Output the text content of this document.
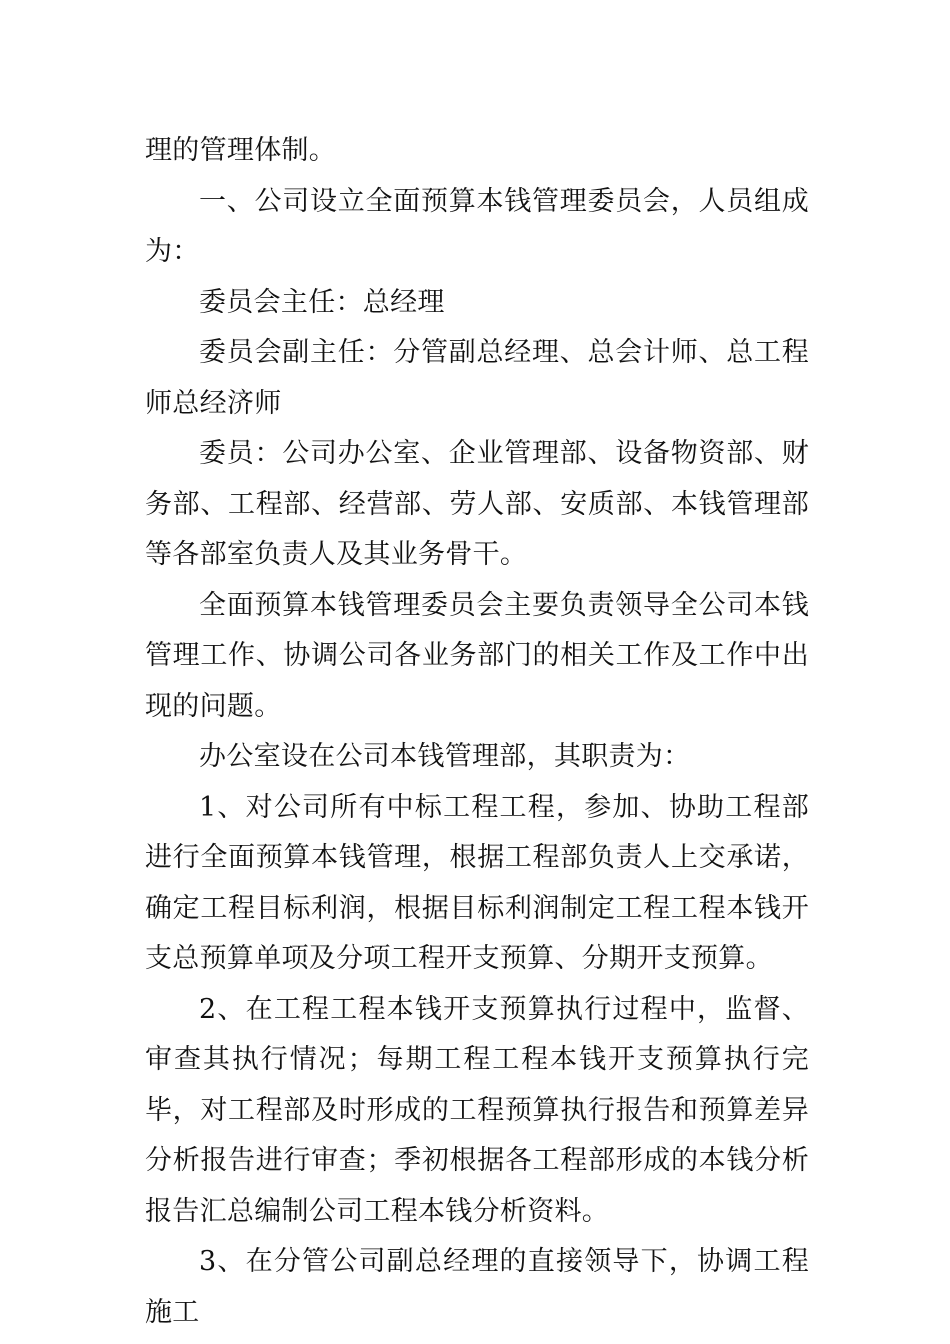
理的管理体制。

一、公司设立全面预算本钱管理委员会，人员组成为：

委员会主任：总经理

委员会副主任：分管副总经理、总会计师、总工程师总经济师

委员：公司办公室、企业管理部、设备物资部、财务部、工程部、经营部、劳人部、安质部、本钱管理部等各部室负责人及其业务骨干。

全面预算本钱管理委员会主要负责领导全公司本钱管理工作、协调公司各业务部门的相关工作及工作中出现的问题。

办公室设在公司本钱管理部，其职责为：

1、对公司所有中标工程工程，参加、协助工程部进行全面预算本钱管理，根据工程部负责人上交承诺，确定工程目标利润，根据目标利润制定工程工程本钱开支总预算单项及分项工程开支预算、分期开支预算。

2、在工程工程本钱开支预算执行过程中，监督、审查其执行情况；每期工程工程本钱开支预算执行完毕，对工程部及时形成的工程预算执行报告和预算差异分析报告进行审查；季初根据各工程部形成的本钱分析报告汇总编制公司工程本钱分析资料。

3、在分管公司副总经理的直接领导下，协调工程施工
